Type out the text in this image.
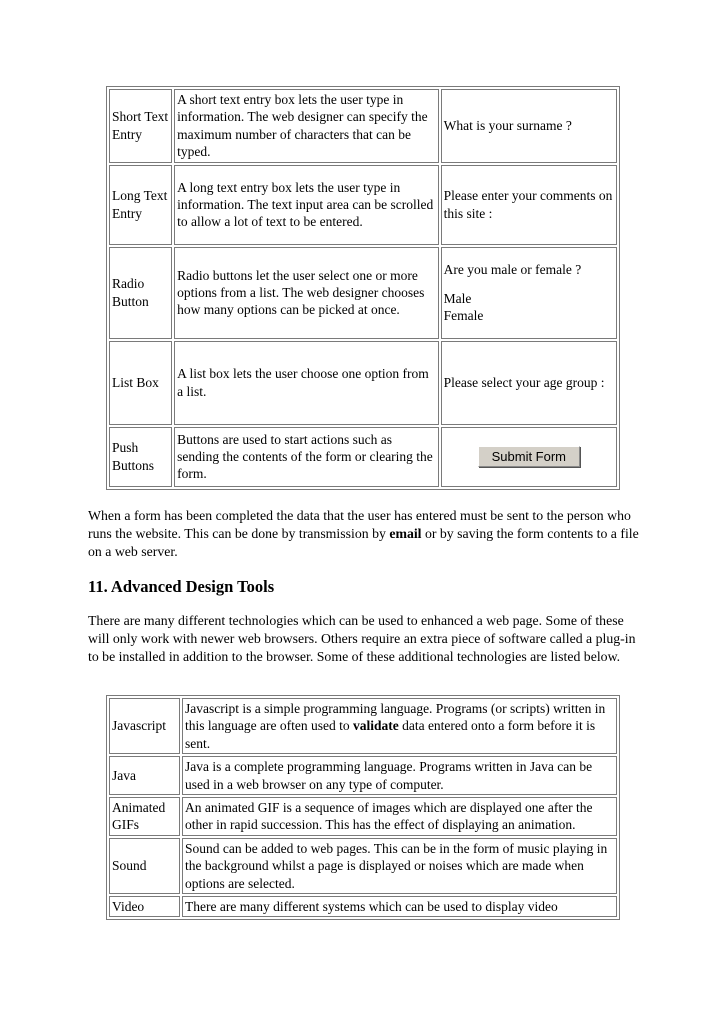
Short Text Entry	A short text entry box lets the user type in information. The web designer can specify the maximum number of characters that can be typed.	What is your surname ?
Long Text Entry	A long text entry box lets the user type in information. The text input area can be scrolled to allow a lot of text to be entered.	Please enter your comments on this site :
Radio Button	Radio buttons let the user select one or more options from a list. The web designer chooses how many options can be picked at once.	Are you male or female ?
Male
Female

List Box	A list box lets the user choose one option from a list.	Please select your age group :
Push Buttons	Buttons are used to start actions such as sending the contents of the form or clearing the form.	Submit Form

When a form has been completed the data that the user has entered must be sent to the person who runs the website. This can be done by transmission by email or by saving the form contents to a file on a web server.

11. Advanced Design Tools

There are many different technologies which can be used to enhanced a web page. Some of these will only work with newer web browsers. Others require an extra piece of software called a plug-in to be installed in addition to the browser. Some of these additional technologies are listed below.

Javascript	Javascript is a simple programming language. Programs (or scripts) written in this language are often used to validate data entered onto a form before it is sent.
Java	Java is a complete programming language. Programs written in Java can be used in a web browser on any type of computer.
Animated GIFs	An animated GIF is a sequence of images which are displayed one after the other in rapid succession. This has the effect of displaying an animation.
Sound	Sound can be added to web pages. This can be in the form of music playing in the background whilst a page is displayed or noises which are made when options are selected.
Video	There are many different systems which can be used to display video
